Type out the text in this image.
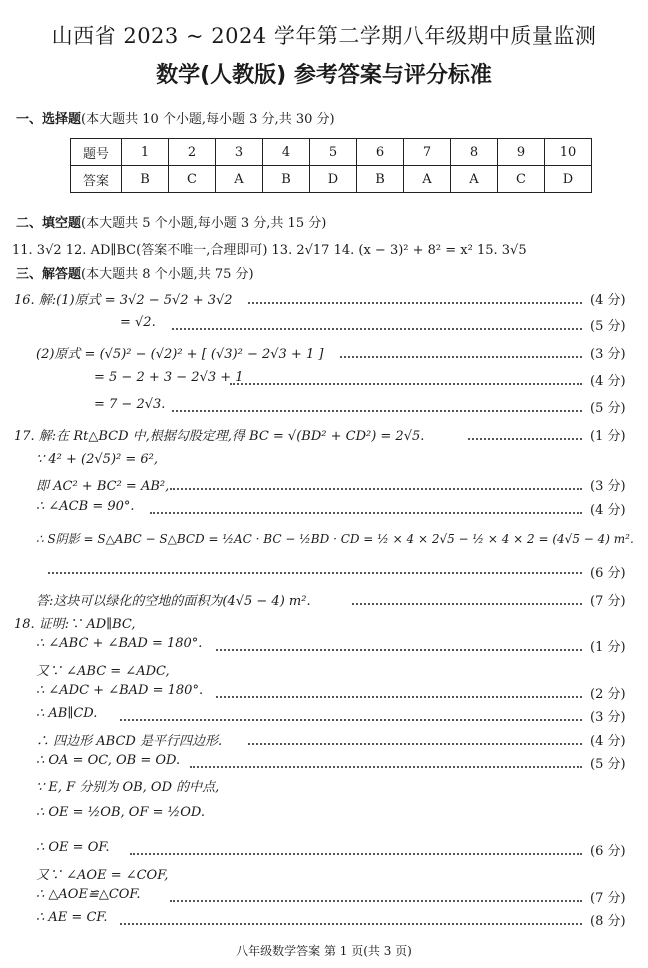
山西省 2023 ~ 2024 学年第二学期八年级期中质量监测
数学(人教版) 参考答案与评分标准
一、选择题(本大题共 10 个小题,每小题 3 分,共 30 分)
题号	1	2	3	4	5	6	7	8	9	10
答案	B	C	A	B	D	B	A	A	C	D
二、填空题(本大题共 5 个小题,每小题 3 分,共 15 分)
11. 3√2 12. AD∥BC(答案不唯一,合理即可) 13. 2√17 14. (x − 3)² + 8² = x² 15. 3√5
三、解答题(本大题共 8 个小题,共 75 分)
16. 解:(1)原式 = 3√2 − 5√2 + 3√2	(4 分)
= √2.	(5 分)
(2)原式 = (√5)² − (√2)² + [ (√3)² − 2√3 + 1 ]	(3 分)
= 5 − 2 + 3 − 2√3 + 1	(4 分)
= 7 − 2√3.	(5 分)
17. 解:在 Rt△BCD 中,根据勾股定理,得 BC = √(BD² + CD²) = 2√5.	(1 分)
∵ 4² + (2√5)² = 6²,
即 AC² + BC² = AB²,	(3 分)
∴ ∠ACB = 90°.	(4 分)
∴ S阴影 = S△ABC − S△BCD = ½AC · BC − ½BD · CD = ½ × 4 × 2√5 − ½ × 4 × 2 = (4√5 − 4) m².
(6 分)
答:这块可以绿化的空地的面积为(4√5 − 4) m².	(7 分)
18. 证明:∵ AD∥BC,
∴ ∠ABC + ∠BAD = 180°.	(1 分)
又∵ ∠ABC = ∠ADC,
∴ ∠ADC + ∠BAD = 180°.	(2 分)
∴ AB∥CD.	(3 分)
∴ 四边形 ABCD 是平行四边形.	(4 分)
∴ OA = OC, OB = OD.	(5 分)
∵ E, F 分别为 OB, OD 的中点,
∴ OE = ½OB, OF = ½OD.
∴ OE = OF.	(6 分)
又∵ ∠AOE = ∠COF,
∴ △AOE≌△COF.	(7 分)
∴ AE = CF.	(8 分)
八年级数学答案 第 1 页(共 3 页)
